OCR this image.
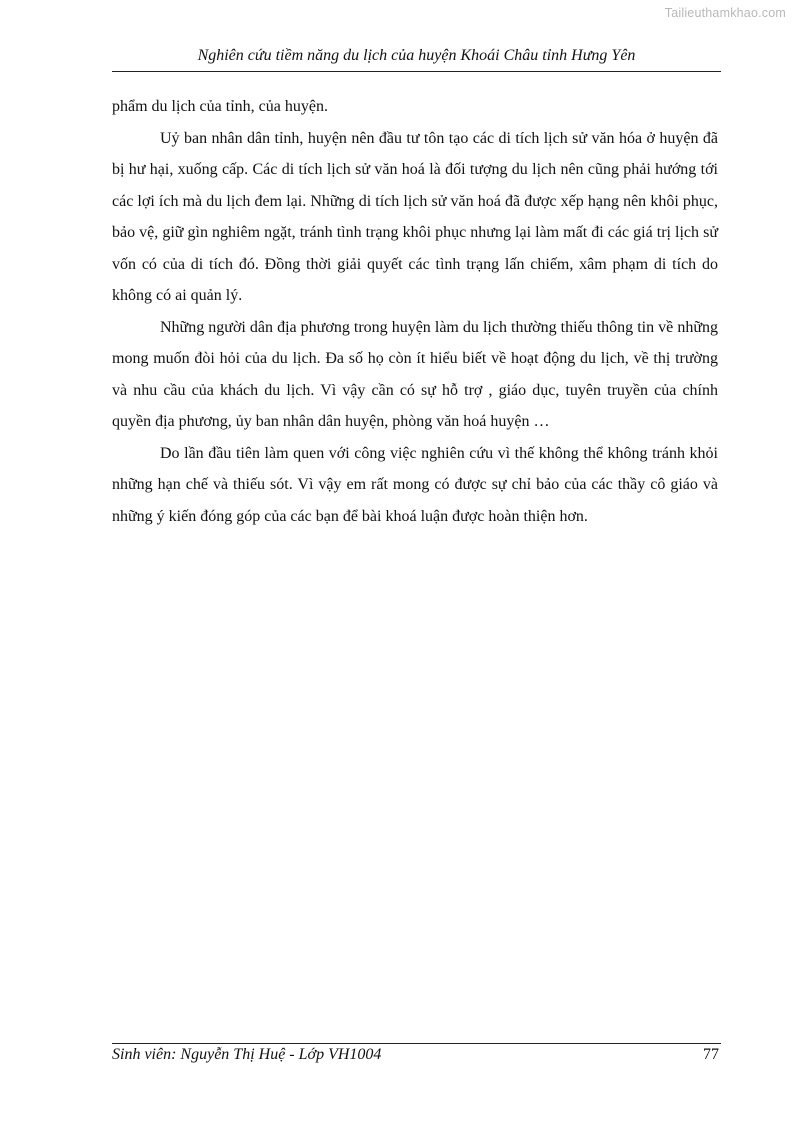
Tailieuthamkhao.com
Nghiên cứu tiềm năng du lịch của huyện Khoái Châu tỉnh Hưng Yên

phẩm du lịch của tỉnh, của huyện.

Uỷ ban nhân dân tỉnh, huyện nên đầu tư tôn tạo các di tích lịch sử văn hóa ở huyện đã bị hư hại, xuống cấp. Các di tích lịch sử văn hoá là đối tượng du lịch nên cũng phải hướng tới các lợi ích mà du lịch đem lại. Những di tích lịch sử văn hoá đã được xếp hạng nên khôi phục, bảo vệ, giữ gìn nghiêm ngặt, tránh tình trạng khôi phục nhưng lại làm mất đi các giá trị lịch sử vốn có của di tích đó. Đồng thời giải quyết các tình trạng lấn chiếm, xâm phạm di tích do không có ai quản lý.

Những người dân địa phương trong huyện làm du lịch thường thiếu thông tin về những mong muốn đòi hỏi của du lịch. Đa số họ còn ít hiểu biết về hoạt động du lịch, về thị trường và nhu cầu của khách du lịch. Vì vậy cần có sự hỗ trợ , giáo dục, tuyên truyền của chính quyền địa phương, ủy ban nhân dân huyện, phòng văn hoá huyện …

Do lần đầu tiên làm quen với công việc nghiên cứu vì thế không thể không tránh khỏi những hạn chế và thiếu sót. Vì vậy em rất mong có được sự chỉ bảo của các thầy cô giáo và những ý kiến đóng góp của các bạn để bài khoá luận được hoàn thiện hơn.

Sinh viên: Nguyễn Thị Huệ - Lớp VH1004	77
